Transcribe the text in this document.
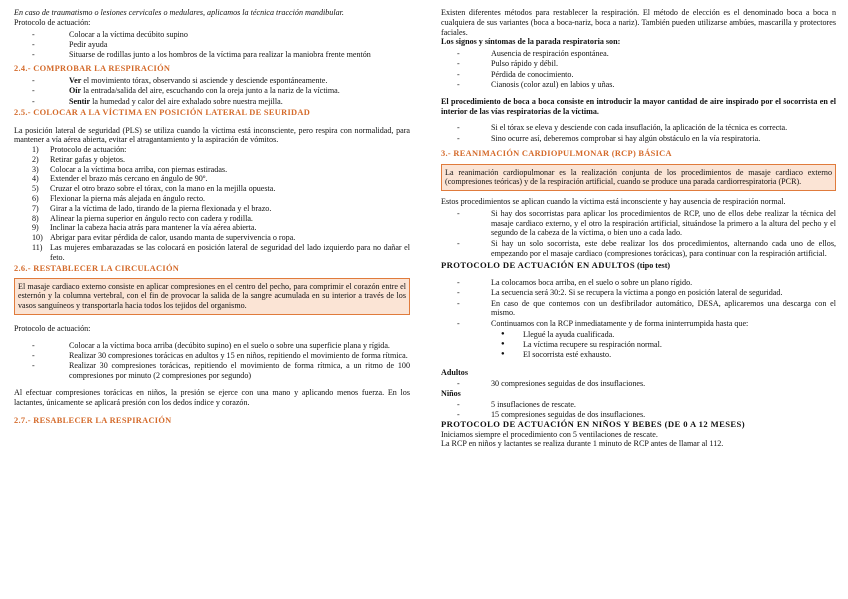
En caso de traumatismo o lesiones cervicales o medulares, aplicamos la técnica tracción mandibular.

Protocolo de actuación:

- Colocar a la víctima decúbito supino
- Pedir ayuda
- Situarse de rodillas junto a los hombros de la víctima para realizar la maniobra frente mentón

2.4.- COMPROBAR LA RESPIRACIÓN

- Ver el movimiento tórax, observando si asciende y desciende espontáneamente.
- Oír la entrada/salida del aire, escuchando con la oreja junto a la nariz de la víctima.
- Sentir la humedad y calor del aire exhalado sobre nuestra mejilla.

2.5.- COLOCAR A LA VÍCTIMA EN POSICIÓN LATERAL DE SEURIDAD

La posición lateral de seguridad (PLS) se utiliza cuando la víctima está inconsciente, pero respira con normalidad, para mantener a vía aérea abierta, evitar el atragantamiento y la aspiración de vómitos.

1) Protocolo de actuación:
2) Retirar gafas y objetos.
3) Colocar a la víctima boca arriba, con piernas estiradas.
4) Extender el brazo más cercano en ángulo de 90º.
5) Cruzar el otro brazo sobre el tórax, con la mano en la mejilla opuesta.
6) Flexionar la pierna más alejada en ángulo recto.
7) Girar a la víctima de lado, tirando de la pierna flexionada y el brazo.
8) Alinear la pierna superior en ángulo recto con cadera y rodilla.
9) Inclinar la cabeza hacia atrás para mantener la vía aérea abierta.
10) Abrigar para evitar pérdida de calor, usando manta de supervivencia o ropa.
11) Las mujeres embarazadas se las colocará en posición lateral de seguridad del lado izquierdo para no dañar el feto.

2.6.- RESTABLECER LA CIRCULACIÓN

El masaje cardiaco externo consiste en aplicar compresiones en el centro del pecho, para comprimir el corazón entre el esternón y la columna vertebral, con el fin de provocar la salida de la sangre acumulada en su interior a través de los vasos sanguíneos y transportarla hacia todos los tejidos del organismo.

Protocolo de actuación:

- Colocar a la víctima boca arriba (decúbito supino) en el suelo o sobre una superficie plana y rígida.
- Realizar 30 compresiones torácicas en adultos y 15 en niños, repitiendo el movimiento de forma rítmica.
- Realizar 30 compresiones torácicas, repitiendo el movimiento de forma rítmica, a un ritmo de 100 compresiones por minuto (2 compresiones por segundo)

Al efectuar compresiones torácicas en niños, la presión se ejerce con una mano y aplicando menos fuerza. En los lactantes, únicamente se aplicará presión con los dedos índice y corazón.

2.7.- RESABLECER LA RESPIRACIÓN

Existen diferentes métodos para restablecer la respiración. El método de elección es el denominado boca a boca n cualquiera de sus variantes (boca a boca-nariz, boca a nariz). También pueden utilizarse ambúes, mascarilla y protectores faciales.

Los signos y síntomas de la parada respiratoria son:

- Ausencia de respiración espontánea.
- Pulso rápido y débil.
- Pérdida de conocimiento.
- Cianosis (color azul) en labios y uñas.

El procedimiento de boca a boca consiste en introducir la mayor cantidad de aire inspirado por el socorrista en el interior de las vías respiratorias de la víctima.

- Si el tórax se eleva y desciende con cada insuflación, la aplicación de la técnica es correcta.
- Sino ocurre así, deberemos comprobar si hay algún obstáculo en la vía respiratoria.

3.- REANIMACIÓN CARDIOPULMONAR (RCP) BÁSICA

La reanimación cardiopulmonar es la realización conjunta de los procedimientos de masaje cardiaco externo (compresiones teóricas) y de la respiración artificial, cuando se produce una parada cardiorrespiratoria (PCR).

Estos procedimientos se aplican cuando la víctima está inconsciente y hay ausencia de respiración normal.

- Si hay dos socorristas para aplicar los procedimientos de RCP, uno de ellos debe realizar la técnica del masaje cardiaco externo, y el otro la respiración artificial, situándose la primero a la altura del pecho y el segundo de la cabeza de la víctima, o bien uno a cada lado.
- Si hay un solo socorrista, este debe realizar los dos procedimientos, alternando cada uno de ellos, empezando por el masaje cardiaco (compresiones torácicas), para continuar con la respiración artificial.

PROTOCOLO DE ACTUACIÓN EN ADULTOS (tipo test)

- La colocamos boca arriba, en el suelo o sobre un plano rígido.
- La secuencia será 30:2. Si se recupera la víctima a pongo en posición lateral de seguridad.
- En caso de que contemos con un desfibrilador automático, DESA, aplicaremos una descarga con el mismo.
- Continuamos con la RCP inmediatamente y de forma ininterrumpida hasta que:
● Llegué la ayuda cualificada.
● La víctima recupere su respiración normal.
● El socorrista esté exhausto.

Adultos

- 30 compresiones seguidas de dos insuflaciones.

Niños

- 5 insuflaciones de rescate.
- 15 compresiones seguidas de dos insuflaciones.

PROTOCOLO DE ACTUACIÓN EN NIÑOS Y BEBES (DE 0 A 12 MESES)

Iniciamos siempre el procedimiento con 5 ventilaciones de rescate.

La RCP en niños y lactantes se realiza durante 1 minuto de RCP antes de llamar al 112.
